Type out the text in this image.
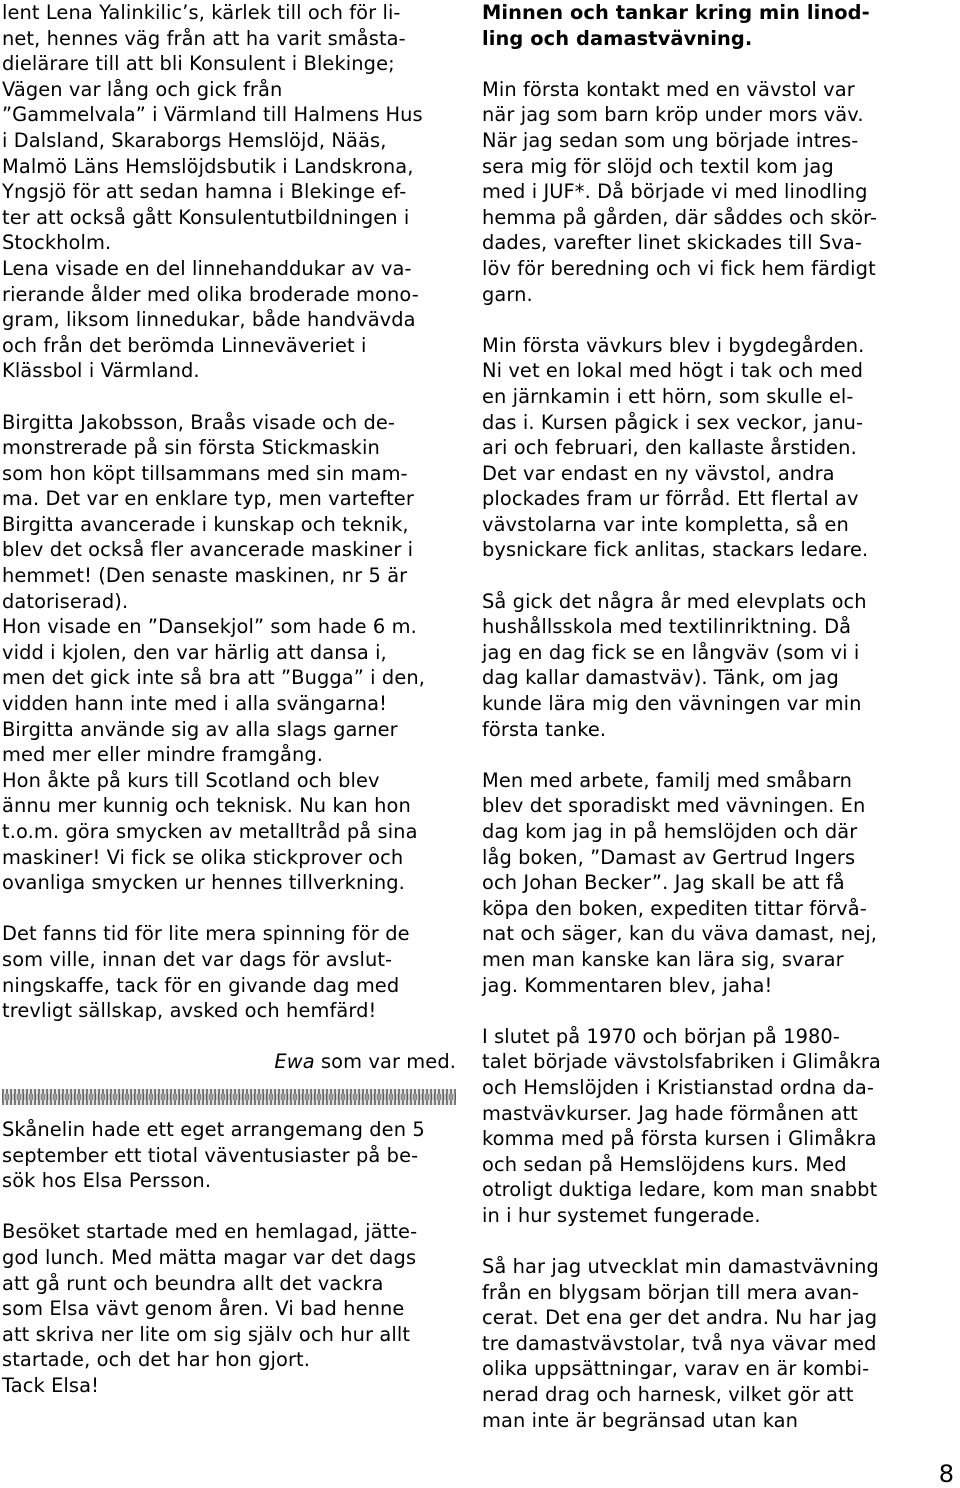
lent Lena Yalinkilic’s, kärlek till och för li-
net, hennes väg från att ha varit småsta-
dielärare till att bli Konsulent i Blekinge;
Vägen var lång och gick från
”Gammelvala” i Värmland till Halmens Hus
i Dalsland, Skaraborgs Hemslöjd, Nääs,
Malmö Läns Hemslöjdsbutik i Landskrona,
Yngsjö för att sedan hamna i Blekinge ef-
ter att också gått Konsulentutbildningen i
Stockholm.
Lena visade en del linnehanddukar av va-
rierande ålder med olika broderade mono-
gram, liksom linnedukar, både handvävda
och från det berömda Linneväveriet i
Klässbol i Värmland.
Birgitta Jakobsson, Braås visade och de-
monstrerade på sin första Stickmaskin
som hon köpt tillsammans med sin mam-
ma. Det var en enklare typ, men vartefter
Birgitta avancerade i kunskap och teknik,
blev det också fler avancerade maskiner i
hemmet! (Den senaste maskinen, nr 5 är
datoriserad).
Hon visade en ”Dansekjol” som hade 6 m.
vidd i kjolen, den var härlig att dansa i,
men det gick inte så bra att ”Bugga” i den,
vidden hann inte med i alla svängarna!
Birgitta använde sig av alla slags garner
med mer eller mindre framgång.
Hon åkte på kurs till Scotland och blev
ännu mer kunnig och teknisk. Nu kan hon
t.o.m. göra smycken av metalltråd på sina
maskiner! Vi fick se olika stickprover och
ovanliga smycken ur hennes tillverkning.
Det fanns tid för lite mera spinning för de
som ville, innan det var dags för avslut-
ningskaffe, tack för en givande dag med
trevligt sällskap, avsked och hemfärd!
Ewa som var med.
Skånelin hade ett eget arrangemang den 5
september ett tiotal väventusiaster på be-
sök hos Elsa Persson.
Besöket startade med en hemlagad, jätte-
god lunch. Med mätta magar var det dags
att gå runt och beundra allt det vackra
som Elsa vävt genom åren. Vi bad henne
att skriva ner lite om sig själv och hur allt
startade, och det har hon gjort.
Tack Elsa!
Minnen och tankar kring min linod-
ling och damastvävning.
Min första kontakt med en vävstol var
när jag som barn kröp under mors väv.
När jag sedan som ung började intres-
sera mig för slöjd och textil kom jag
med i JUF*. Då började vi med linodling
hemma på gården, där såddes och skör-
dades, varefter linet skickades till Sva-
löv för beredning och vi fick hem färdigt
garn.
Min första vävkurs blev i bygdegården.
Ni vet en lokal med högt i tak och med
en järnkamin i ett hörn, som skulle el-
das i. Kursen pågick i sex veckor, janu-
ari och februari, den kallaste årstiden.
Det var endast en ny vävstol, andra
plockades fram ur förråd. Ett flertal av
vävstolarna var inte kompletta, så en
bysnickare fick anlitas, stackars ledare.
Så gick det några år med elevplats och
hushållsskola med textilinriktning. Då
jag en dag fick se en långväv (som vi i
dag kallar damastväv). Tänk, om jag
kunde lära mig den vävningen var min
första tanke.
Men med arbete, familj med småbarn
blev det sporadiskt med vävningen. En
dag kom jag in på hemslöjden och där
låg boken, ”Damast av Gertrud Ingers
och Johan Becker”. Jag skall be att få
köpa den boken, expediten tittar förvå-
nat och säger, kan du väva damast, nej,
men man kanske kan lära sig, svarar
jag. Kommentaren blev, jaha!
I slutet på 1970 och början på 1980-
talet började vävstolsfabriken i Glimåkra
och Hemslöjden i Kristianstad ordna da-
mastvävkurser. Jag hade förmånen att
komma med på första kursen i Glimåkra
och sedan på Hemslöjdens kurs. Med
otroligt duktiga ledare, kom man snabbt
in i hur systemet fungerade.
Så har jag utvecklat min damastvävning
från en blygsam början till mera avan-
cerat. Det ena ger det andra. Nu har jag
tre damastvävstolar, två nya vävar med
olika uppsättningar, varav en är kombi-
nerad drag och harnesk, vilket gör att
man inte är begränsad utan kan
8
